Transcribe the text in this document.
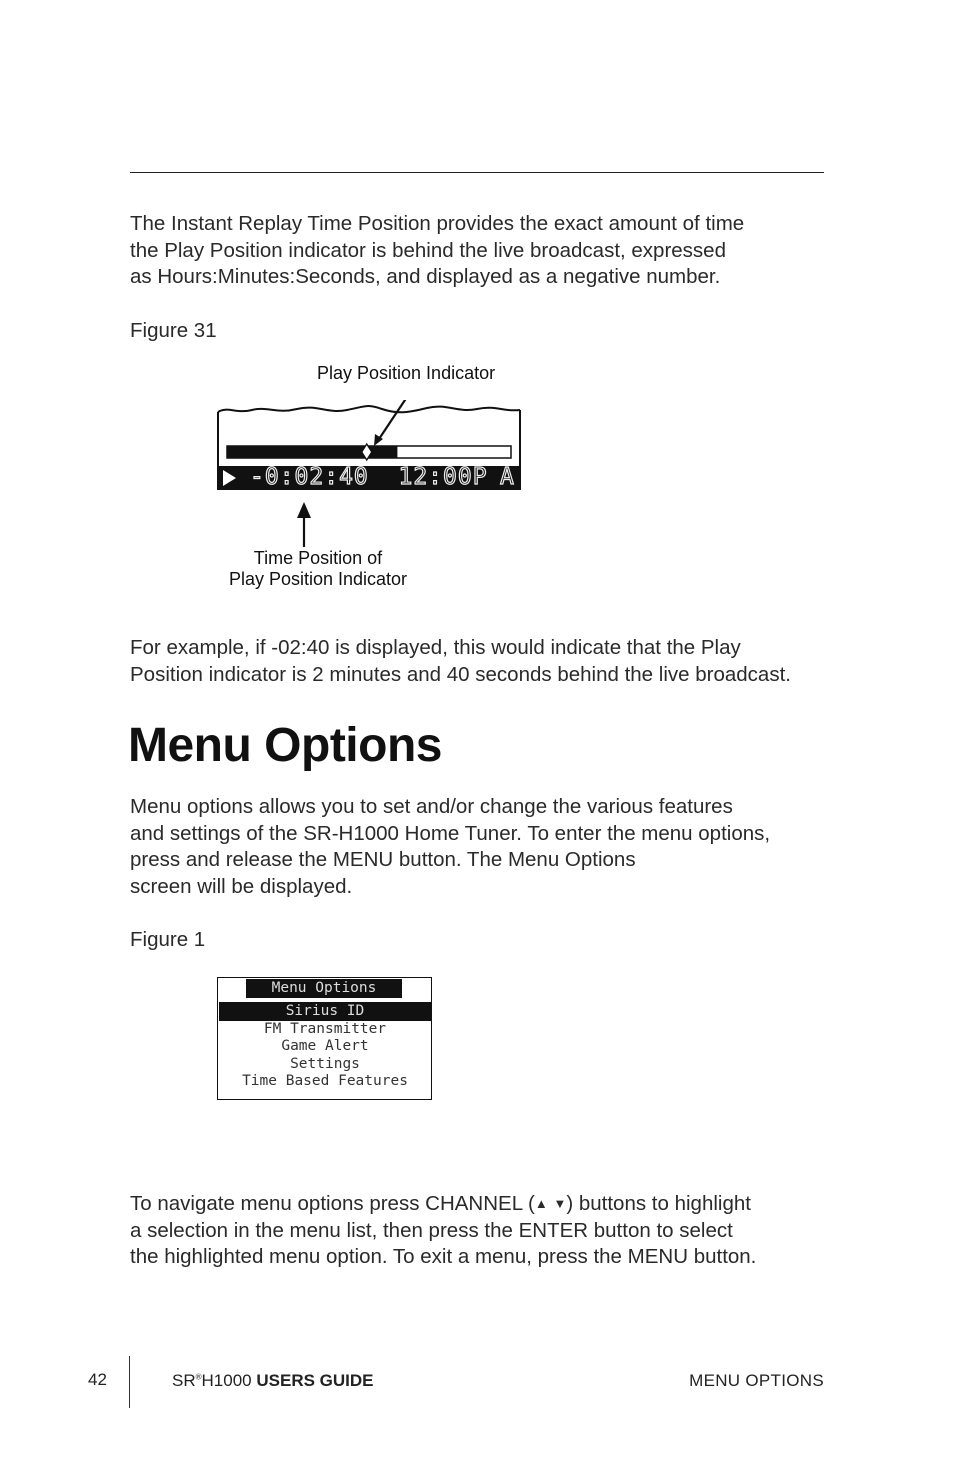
The Instant Replay Time Position provides the exact amount of time
the Play Position indicator is behind the live broadcast, expressed
as Hours:Minutes:Seconds, and displayed as a negative number.
Figure 31
Play Position Indicator
-0:02:40  12:00P A
Time Position of
Play Position Indicator
For example, if -02:40 is displayed, this would indicate that the Play
Position indicator is 2 minutes and 40 seconds behind the live broadcast.
Menu Options
Menu options allows you to set and/or change the various features
and settings of the SR-H1000 Home Tuner. To enter the menu options,
press and release the MENU button. The Menu Options
screen will be displayed.
Figure 1
Menu Options
Sirius ID
FM Transmitter
Game Alert
Settings
Time Based Features
To navigate menu options press CHANNEL (▲ ▼) buttons to highlight
a selection in the menu list, then press the ENTER button to select
the highlighted menu option. To exit a menu, press the MENU button.
42	SR®H1000 USERS GUIDE	MENU OPTIONS
